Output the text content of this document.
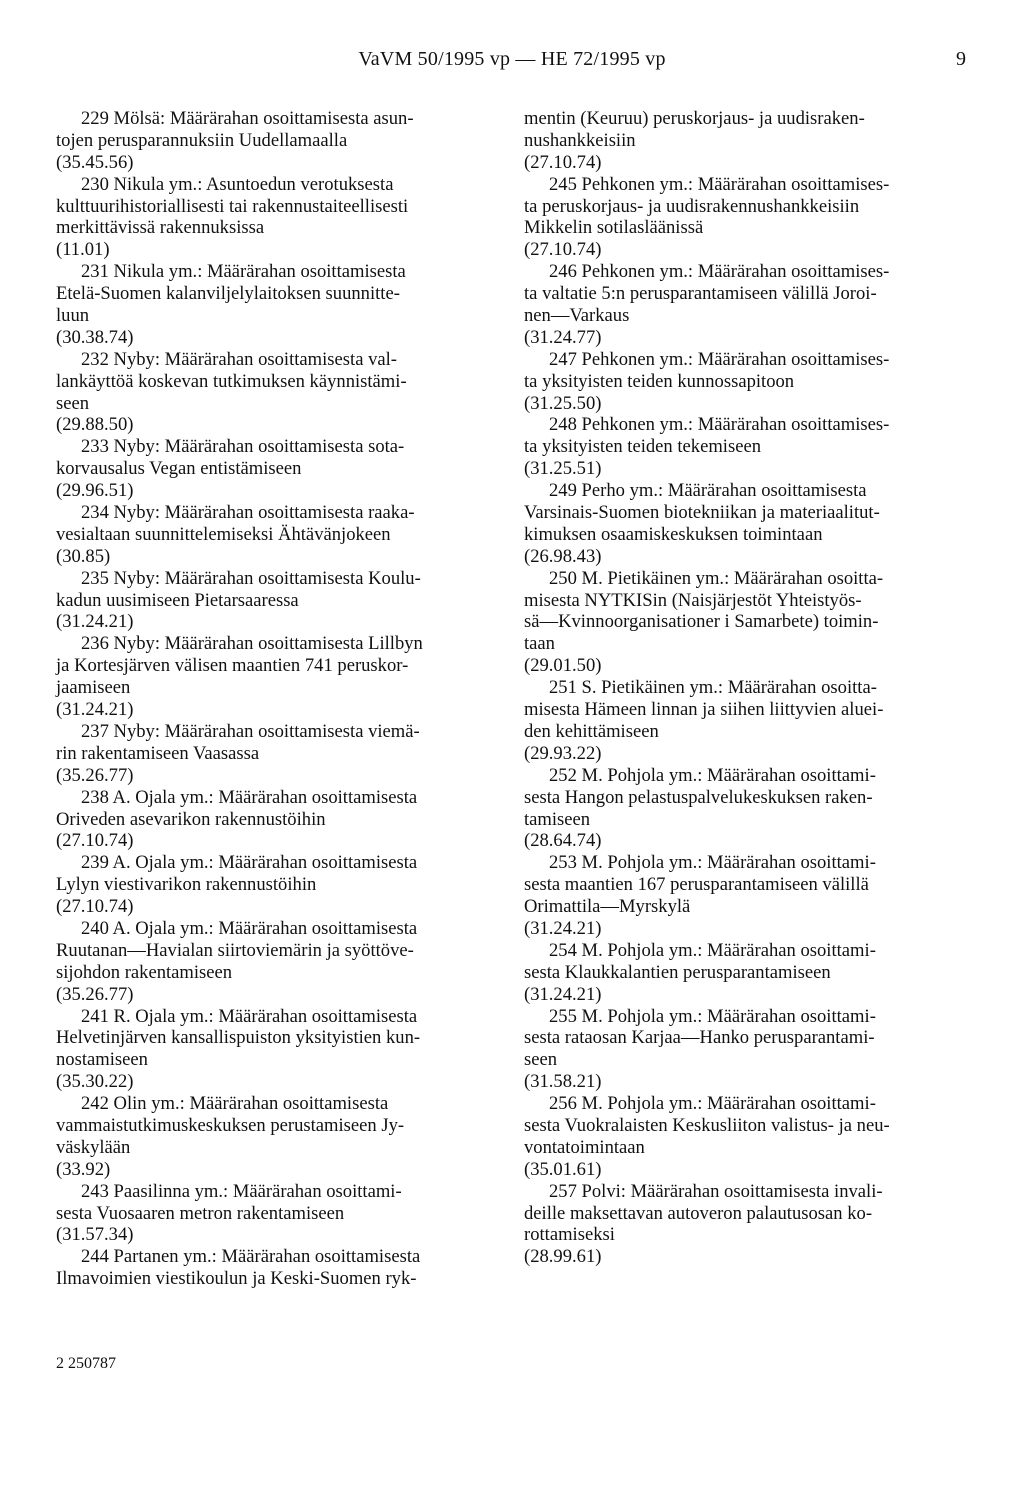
VaVM 50/1995 vp — HE 72/1995 vp	9
229 Mölsä: Määrärahan osoittamisesta asun-
tojen perusparannuksiin Uudellamaalla
(35.45.56)
230 Nikula ym.: Asuntoedun verotuksesta
kulttuurihistoriallisesti tai rakennustaiteellisesti
merkittävissä rakennuksissa
(11.01)
231 Nikula ym.: Määrärahan osoittamisesta
Etelä-Suomen kalanviljelylaitoksen suunnitte-
luun
(30.38.74)
232 Nyby: Määrärahan osoittamisesta val-
lankäyttöä koskevan tutkimuksen käynnistämi-
seen
(29.88.50)
233 Nyby: Määrärahan osoittamisesta sota-
korvausalus Vegan entistämiseen
(29.96.51)
234 Nyby: Määrärahan osoittamisesta raaka-
vesialtaan suunnittelemiseksi Ähtävänjokeen
(30.85)
235 Nyby: Määrärahan osoittamisesta Koulu-
kadun uusimiseen Pietarsaaressa
(31.24.21)
236 Nyby: Määrärahan osoittamisesta Lillbyn
ja Kortesjärven välisen maantien 741 peruskor-
jaamiseen
(31.24.21)
237 Nyby: Määrärahan osoittamisesta viemä-
rin rakentamiseen Vaasassa
(35.26.77)
238 A. Ojala ym.: Määrärahan osoittamisesta
Oriveden asevarikon rakennustöihin
(27.10.74)
239 A. Ojala ym.: Määrärahan osoittamisesta
Lylyn viestivarikon rakennustöihin
(27.10.74)
240 A. Ojala ym.: Määrärahan osoittamisesta
Ruutanan—Havialan siirtoviemärin ja syöttöve-
sijohdon rakentamiseen
(35.26.77)
241 R. Ojala ym.: Määrärahan osoittamisesta
Helvetinjärven kansallispuiston yksityistien kun-
nostamiseen
(35.30.22)
242 Olin ym.: Määrärahan osoittamisesta
vammaistutkimuskeskuksen perustamiseen Jy-
väskylään
(33.92)
243 Paasilinna ym.: Määrärahan osoittami-
sesta Vuosaaren metron rakentamiseen
(31.57.34)
244 Partanen ym.: Määrärahan osoittamisesta
Ilmavoimien viestikoulun ja Keski-Suomen ryk-
mentin (Keuruu) peruskorjaus- ja uudisraken-
nushankkeisiin
(27.10.74)
245 Pehkonen ym.: Määrärahan osoittamises-
ta peruskorjaus- ja uudisrakennushankkeisiin
Mikkelin sotilasläänissä
(27.10.74)
246 Pehkonen ym.: Määrärahan osoittamises-
ta valtatie 5:n perusparantamiseen välillä Joroi-
nen—Varkaus
(31.24.77)
247 Pehkonen ym.: Määrärahan osoittamises-
ta yksityisten teiden kunnossapitoon
(31.25.50)
248 Pehkonen ym.: Määrärahan osoittamises-
ta yksityisten teiden tekemiseen
(31.25.51)
249 Perho ym.: Määrärahan osoittamisesta
Varsinais-Suomen biotekniikan ja materiaalitut-
kimuksen osaamiskeskuksen toimintaan
(26.98.43)
250 M. Pietikäinen ym.: Määrärahan osoitta-
misesta NYTKISin (Naisjärjestöt Yhteistyös-
sä—Kvinnoorganisationer i Samarbete) toimin-
taan
(29.01.50)
251 S. Pietikäinen ym.: Määrärahan osoitta-
misesta Hämeen linnan ja siihen liittyvien aluei-
den kehittämiseen
(29.93.22)
252 M. Pohjola ym.: Määrärahan osoittami-
sesta Hangon pelastuspalvelukeskuksen raken-
tamiseen
(28.64.74)
253 M. Pohjola ym.: Määrärahan osoittami-
sesta maantien 167 perusparantamiseen välillä
Orimattila—Myrskylä
(31.24.21)
254 M. Pohjola ym.: Määrärahan osoittami-
sesta Klaukkalantien perusparantamiseen
(31.24.21)
255 M. Pohjola ym.: Määrärahan osoittami-
sesta rataosan Karjaa—Hanko perusparantami-
seen
(31.58.21)
256 M. Pohjola ym.: Määrärahan osoittami-
sesta Vuokralaisten Keskusliiton valistus- ja neu-
vontatoimintaan
(35.01.61)
257 Polvi: Määrärahan osoittamisesta invali-
deille maksettavan autoveron palautusosan ko-
rottamiseksi
(28.99.61)
2 250787
